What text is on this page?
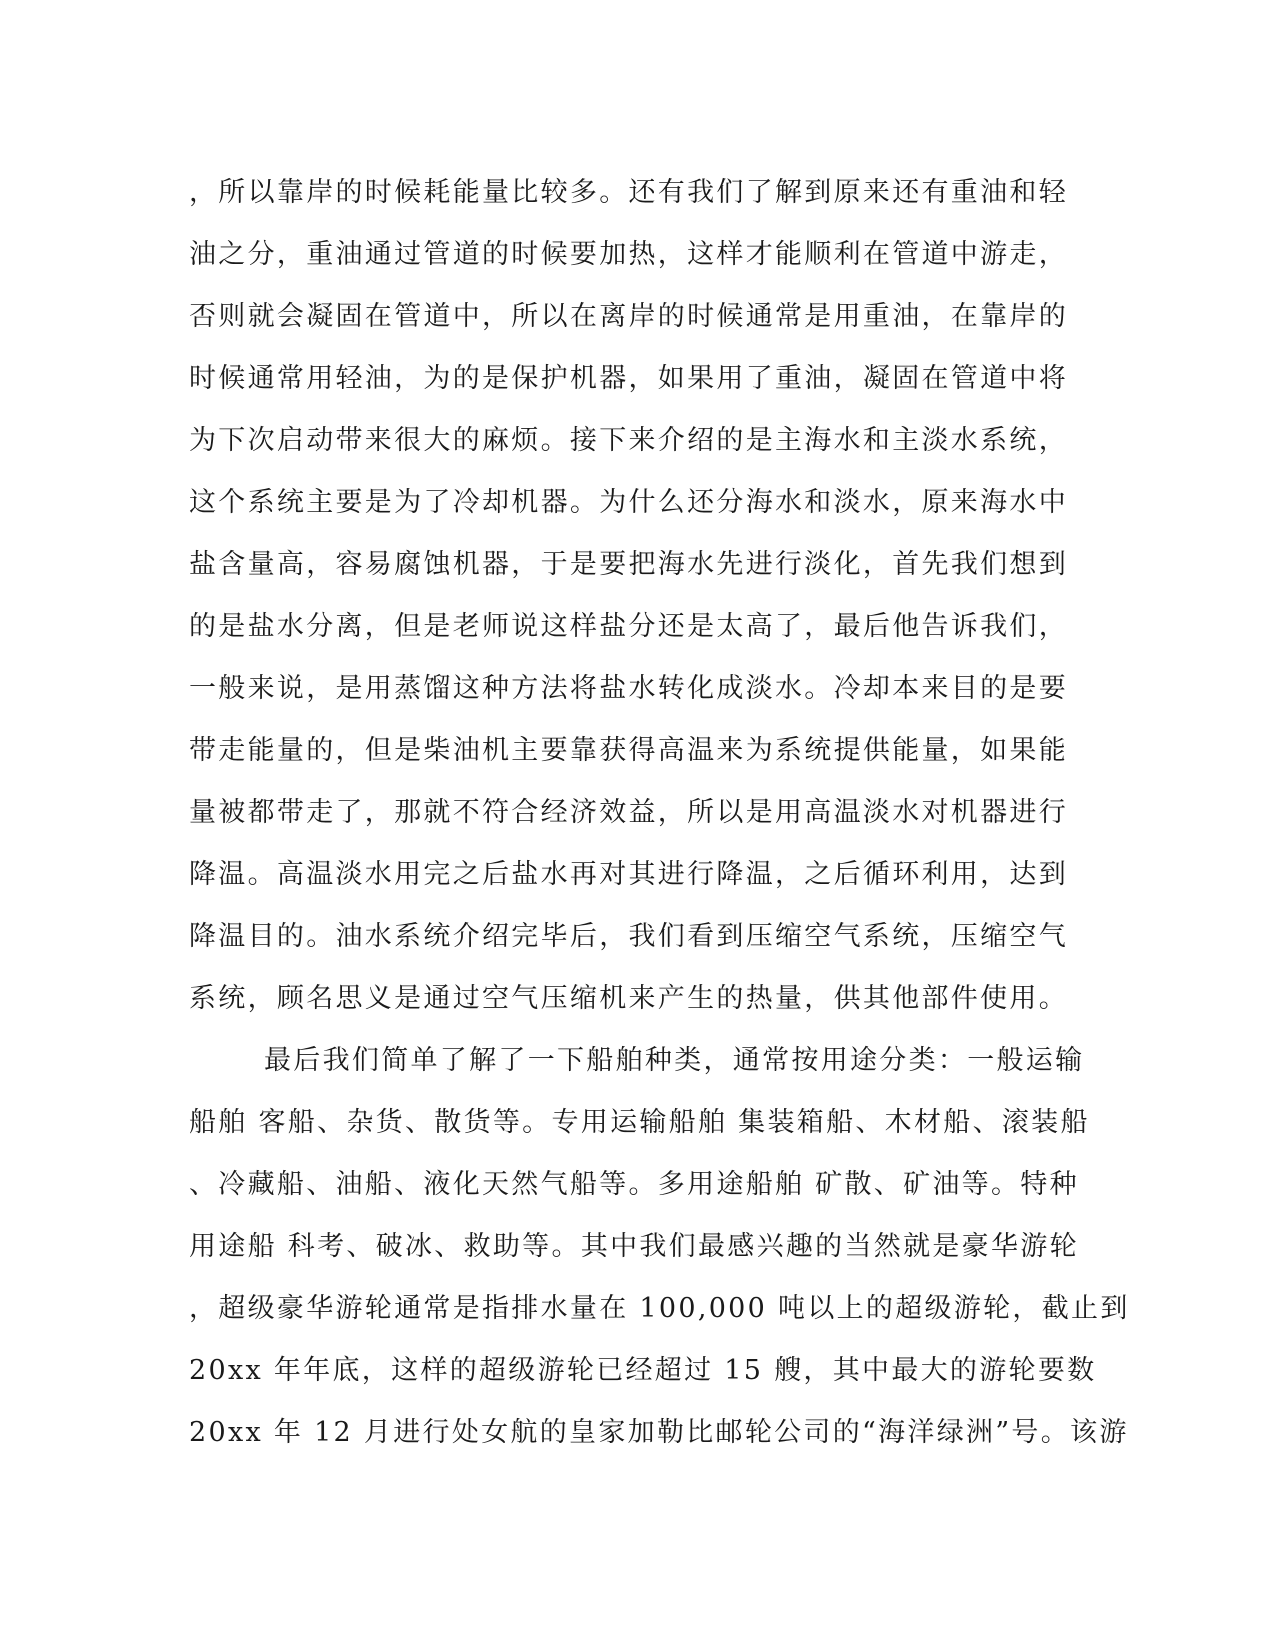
，所以靠岸的时候耗能量比较多。还有我们了解到原来还有重油和轻
油之分，重油通过管道的时候要加热，这样才能顺利在管道中游走，
否则就会凝固在管道中，所以在离岸的时候通常是用重油，在靠岸的
时候通常用轻油，为的是保护机器，如果用了重油，凝固在管道中将
为下次启动带来很大的麻烦。接下来介绍的是主海水和主淡水系统，
这个系统主要是为了冷却机器。为什么还分海水和淡水，原来海水中
盐含量高，容易腐蚀机器，于是要把海水先进行淡化，首先我们想到
的是盐水分离，但是老师说这样盐分还是太高了，最后他告诉我们，
一般来说，是用蒸馏这种方法将盐水转化成淡水。冷却本来目的是要
带走能量的，但是柴油机主要靠获得高温来为系统提供能量，如果能
量被都带走了，那就不符合经济效益，所以是用高温淡水对机器进行
降温。高温淡水用完之后盐水再对其进行降温，之后循环利用，达到
降温目的。油水系统介绍完毕后，我们看到压缩空气系统，压缩空气
系统，顾名思义是通过空气压缩机来产生的热量，供其他部件使用。
最后我们简单了解了一下船舶种类，通常按用途分类：一般运输
船舶 客船、杂货、散货等。专用运输船舶 集装箱船、木材船、滚装船
、冷藏船、油船、液化天然气船等。多用途船舶 矿散、矿油等。特种
用途船 科考、破冰、救助等。其中我们最感兴趣的当然就是豪华游轮
，超级豪华游轮通常是指排水量在 100,000 吨以上的超级游轮，截止到
20xx 年年底，这样的超级游轮已经超过 15 艘，其中最大的游轮要数
20xx 年 12 月进行处女航的皇家加勒比邮轮公司的“海洋绿洲”号。该游
